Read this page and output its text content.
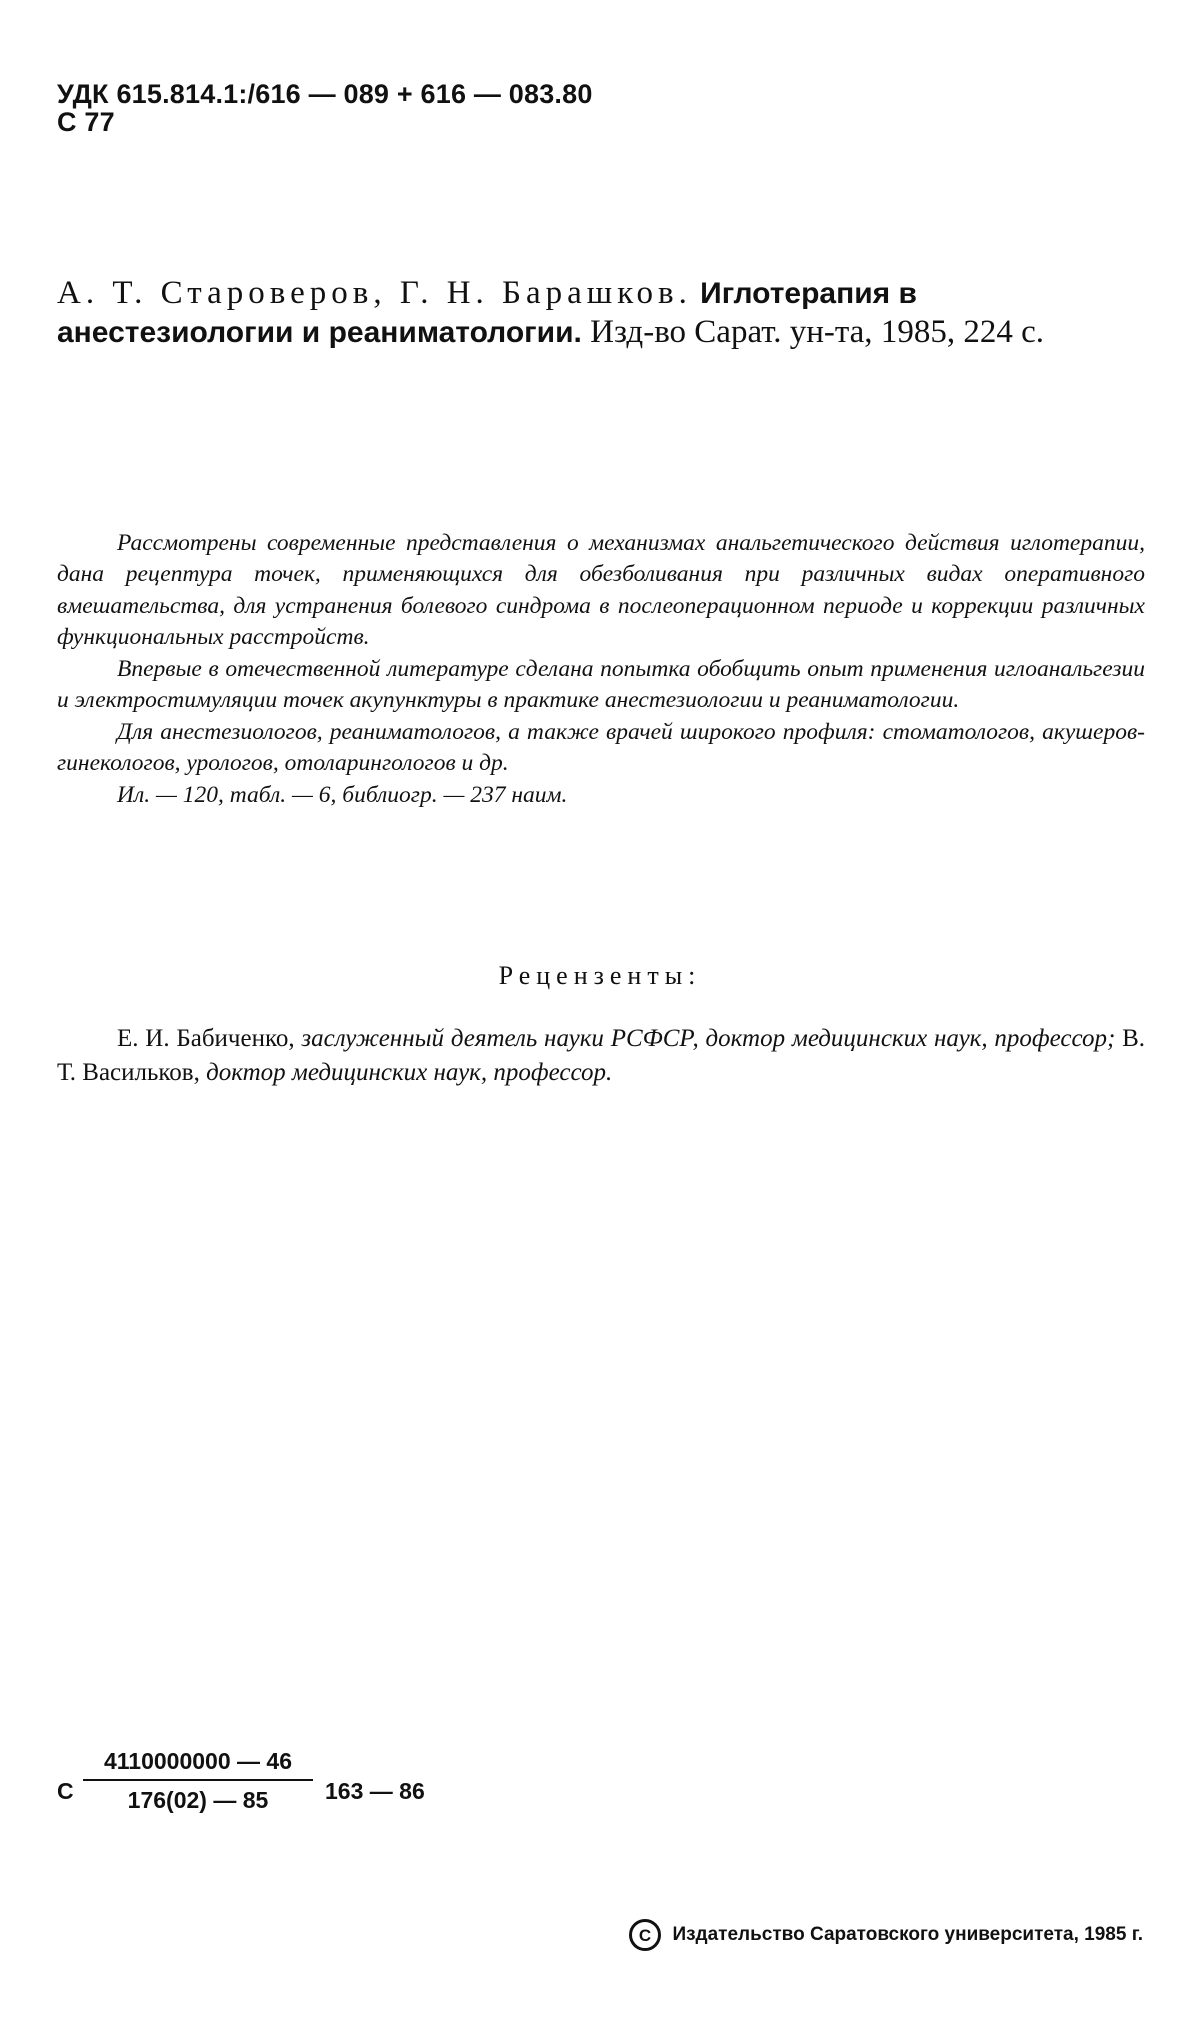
УДК 615.814.1:/616 — 089 + 616 — 083.80
С 77
А. Т. Староверов, Г. Н. Барашков. Иглотерапия в анестезиологии и реаниматологии. Изд-во Сарат. ун-та, 1985, 224 с.

Рассмотрены современные представления о механизмах анальгетического действия иглотерапии, дана рецептура точек, применяющихся для обезболивания при различных видах оперативного вмешательства, для устранения болевого синдрома в послеоперационном периоде и коррекции различных функциональных расстройств.

Впервые в отечественной литературе сделана попытка обобщить опыт применения иглоанальгезии и электростимуляции точек акупунктуры в практике анестезиологии и реаниматологии.

Для анестезиологов, реаниматологов, а также врачей широкого профиля: стоматологов, акушеров-гинекологов, урологов, отоларингологов и др.

Ил. — 120, табл. — 6, библиогр. — 237 наим.

Рецензенты:
Е. И. Бабиченко, заслуженный деятель науки РСФСР, доктор медицинских наук, профессор; В. Т. Васильков, доктор медицинских наук, профессор.
С $\frac{4110000000 — 46}{176(02) — 85} 163$ — 86
C Издательство Саратовского университета, 1985 г.
